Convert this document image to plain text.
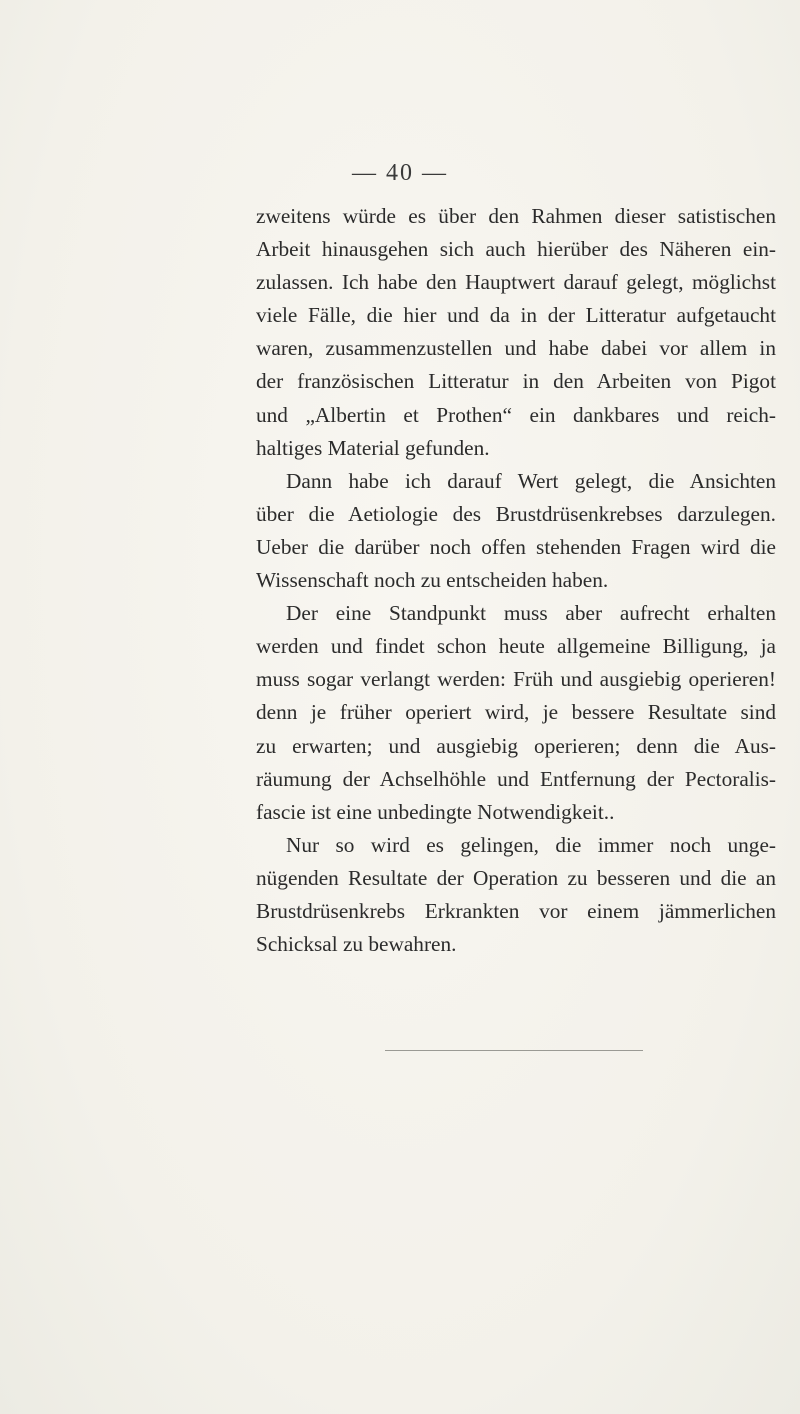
— 40 —
zweitens würde es über den Rahmen dieser satistischen
Arbeit hinausgehen sich auch hierüber des Näheren ein-
zulassen. Ich habe den Hauptwert darauf gelegt, möglichst
viele Fälle, die hier und da in der Litteratur aufgetaucht
waren, zusammenzustellen und habe dabei vor allem in
der französischen Litteratur in den Arbeiten von Pigot
und „Albertin et Prothen“ ein dankbares und reich-
haltiges Material gefunden.
Dann habe ich darauf Wert gelegt, die Ansichten
über die Aetiologie des Brustdrüsenkrebses darzulegen.
Ueber die darüber noch offen stehenden Fragen wird die
Wissenschaft noch zu entscheiden haben.
Der eine Standpunkt muss aber aufrecht erhalten
werden und findet schon heute allgemeine Billigung, ja
muss sogar verlangt werden: Früh und ausgiebig operieren!
denn je früher operiert wird, je bessere Resultate sind
zu erwarten; und ausgiebig operieren; denn die Aus-
räumung der Achselhöhle und Entfernung der Pectoralis-
fascie ist eine unbedingte Notwendigkeit..
Nur so wird es gelingen, die immer noch unge-
nügenden Resultate der Operation zu besseren und die an
Brustdrüsenkrebs Erkrankten vor einem jämmerlichen
Schicksal zu bewahren.
